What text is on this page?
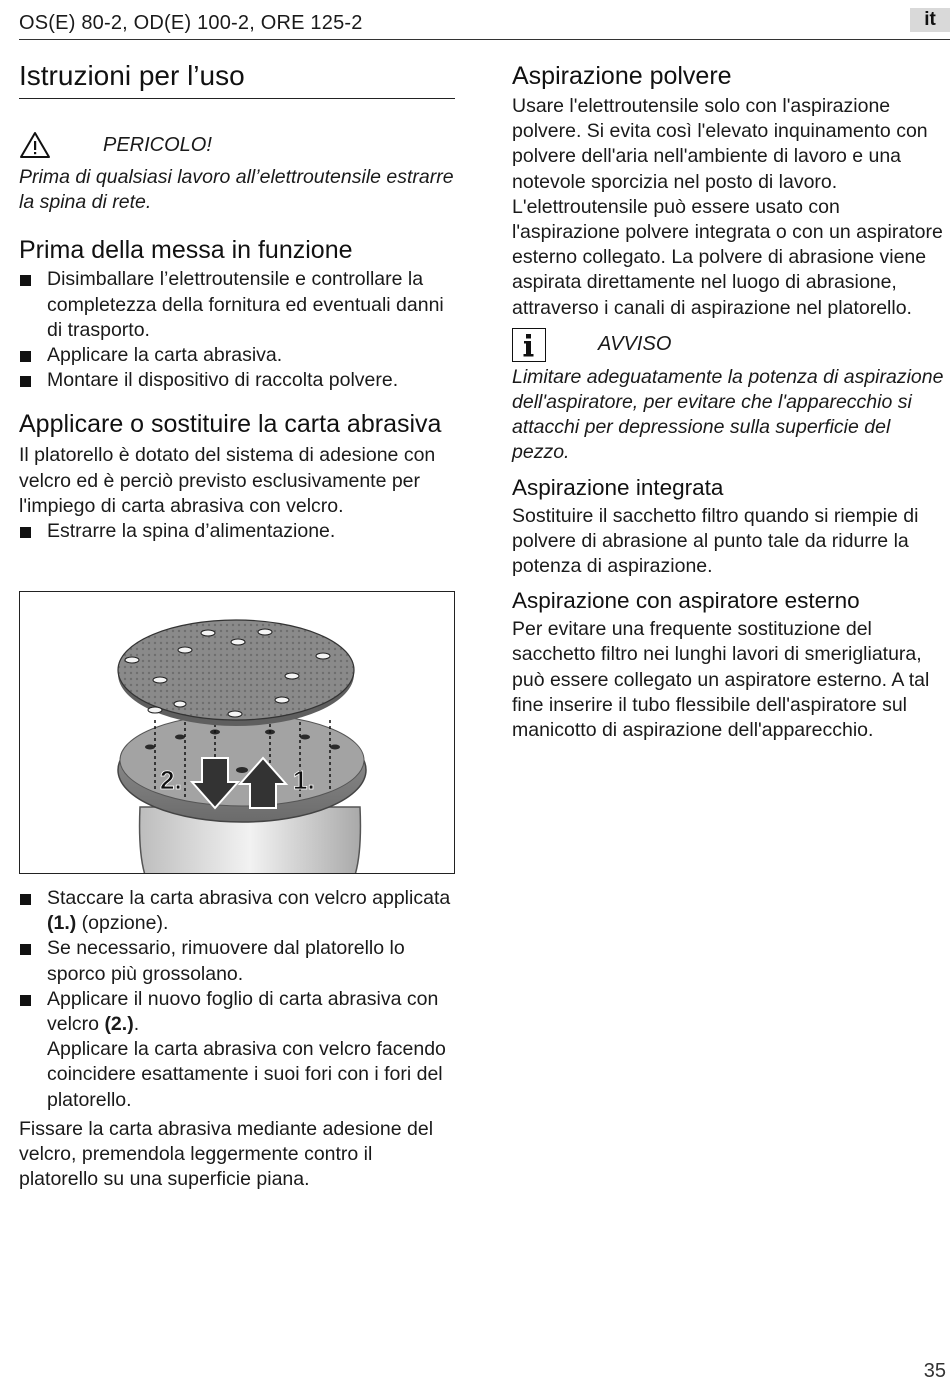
OS(E) 80-2, OD(E) 100-2, ORE 125-2	it
Istruzioni per l’uso
PERICOLO!
Prima di qualsiasi lavoro all’elettroutensile estrarre la spina di rete.
Prima della messa in funzione
Disimballare l’elettroutensile e controllare la completezza della fornitura ed eventuali danni di trasporto.
Applicare la carta abrasiva.
Montare il dispositivo di raccolta polvere.
Applicare o sostituire la carta abrasiva
Il platorello è dotato del sistema di adesione con velcro ed è perciò previsto esclusivamente per l'impiego di carta abrasiva con velcro.
Estrarre la spina d’alimentazione.
2.	1.
Staccare la carta abrasiva con velcro applicata (1.) (opzione).
Se necessario, rimuovere dal platorello lo sporco più grossolano.
Applicare il nuovo foglio di carta abrasiva con velcro (2.).
Applicare la carta abrasiva con velcro facendo coincidere esattamente i suoi fori con i fori del platorello.
Fissare la carta abrasiva mediante adesione del velcro, premendola leggermente contro il platorello su una superficie piana.
Aspirazione polvere
Usare l'elettroutensile solo con l'aspirazione polvere. Si evita così l'elevato inquinamento con polvere dell'aria nell'ambiente di lavoro e una notevole sporcizia nel posto di lavoro. L'elettroutensile può essere usato con l'aspirazione polvere integrata o con un aspiratore esterno collegato. La polvere di abrasione viene aspirata direttamente nel luogo di abrasione, attraverso i canali di aspirazione nel platorello.
AVVISO
Limitare adeguatamente la potenza di aspirazione dell'aspiratore, per evitare che l'apparecchio si attacchi per depressione sulla superficie del pezzo.
Aspirazione integrata
Sostituire il sacchetto filtro quando si riempie di polvere di abrasione al punto tale da ridurre la potenza di aspirazione.
Aspirazione con aspiratore esterno
Per evitare una frequente sostituzione del sacchetto filtro nei lunghi lavori di smerigliatura, può essere collegato un aspiratore esterno. A tal fine inserire il tubo flessibile dell'aspiratore sul manicotto di aspirazione dell'apparecchio.
35
